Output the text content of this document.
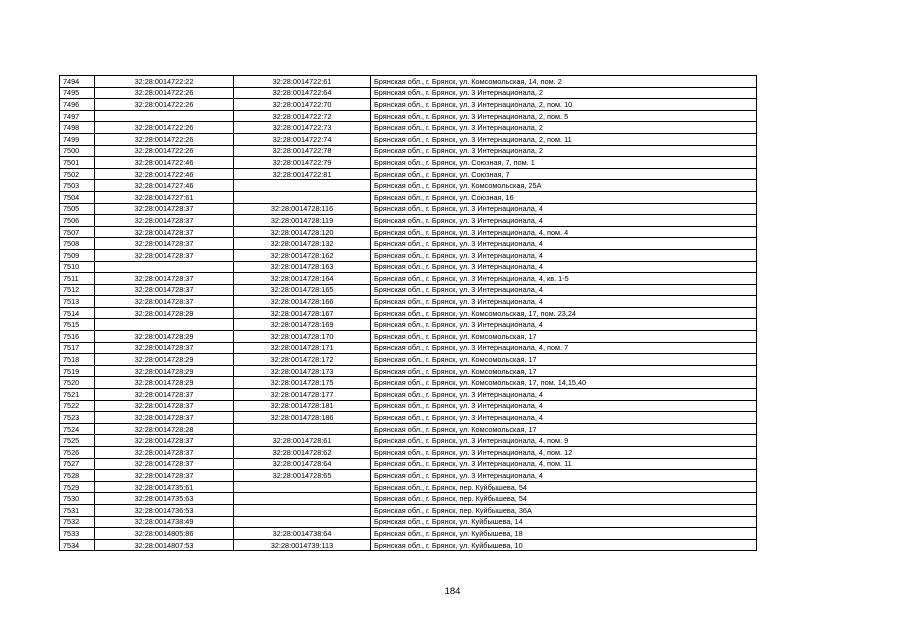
7494	32:28:0014722:22	32:28:0014722:61	Брянская обл., г. Брянск, ул. Комсомольская, 14, пом. 2
7495	32:28:0014722:26	32:28:0014722:64	Брянская обл., г. Брянск, ул. 3 Интернационала, 2
7496	32:28:0014722:26	32:28:0014722:70	Брянская обл., г. Брянск, ул. 3 Интернационала, 2, пом. 10
7497		32:28:0014722:72	Брянская обл., г. Брянск, ул. 3 Интернационала, 2, пом. 5
7498	32:28:0014722:26	32:28:0014722:73	Брянская обл., г. Брянск, ул. 3 Интернационала, 2
7499	32:28:0014722:26	32:28:0014722:74	Брянская обл., г. Брянск, ул. 3 Интернационала, 2, пом. 11
7500	32:28:0014722:26	32:28:0014722:78	Брянская обл., г. Брянск, ул. 3 Интернационала, 2
7501	32:28:0014722:46	32:28:0014722:79	Брянская обл., г. Брянск, ул. Союзная, 7, пом. 1
7502	32:28:0014722:46	32:28:0014722:81	Брянская обл., г. Брянск, ул. Союзная, 7
7503	32:28:0014727:46		Брянская обл., г. Брянск, ул. Комсомольская, 25А
7504	32:28:0014727:61		Брянская обл., г. Брянск, ул. Союзная, 16
7505	32:28:0014728:37	32:28:0014728:116	Брянская обл., г. Брянск, ул. 3 Интернационала, 4
7506	32:28:0014728:37	32:28:0014728:119	Брянская обл., г. Брянск, ул. 3 Интернационала, 4
7507	32:28:0014728:37	32:28:0014728:120	Брянская обл., г. Брянск, ул. 3 Интернационала, 4, пом. 4
7508	32:28:0014728:37	32:28:0014728:132	Брянская обл., г. Брянск, ул. 3 Интернационала, 4
7509	32:28:0014728:37	32:28:0014728:162	Брянская обл., г. Брянск, ул. 3 Интернационала, 4
7510		32:28:0014728:163	Брянская обл., г. Брянск, ул. 3 Интернационала, 4
7511	32:28:0014728:37	32:28:0014728:164	Брянская обл., г. Брянск, ул. 3 Интернационала, 4, кв. 1-5
7512	32:28:0014728:37	32:28:0014728:165	Брянская обл., г. Брянск, ул. 3 Интернационала, 4
7513	32:28:0014728:37	32:28:0014728:166	Брянская обл., г. Брянск, ул. 3 Интернационала, 4
7514	32:28:0014728:29	32:28:0014728:167	Брянская обл., г. Брянск, ул. Комсомольская, 17, пом. 23,24
7515		32:28:0014728:169	Брянская обл., г. Брянск, ул. 3 Интернационала, 4
7516	32:28:0014728:29	32:28:0014728:170	Брянская обл., г. Брянск, ул. Комсомольская, 17
7517	32:28:0014728:37	32:28:0014728:171	Брянская обл., г. Брянск, ул. 3 Интернационала, 4, пом. 7
7518	32:28:0014728:29	32:28:0014728:172	Брянская обл., г. Брянск, ул. Комсомольская, 17
7519	32:28:0014728:29	32:28:0014728:173	Брянская обл., г. Брянск, ул. Комсомольская, 17
7520	32:28:0014728:29	32:28:0014728:175	Брянская обл., г. Брянск, ул. Комсомольская, 17, пом. 14,15,40
7521	32:28:0014728:37	32:28:0014728:177	Брянская обл., г. Брянск, ул. 3 Интернационала, 4
7522	32:28:0014728:37	32:28:0014728:181	Брянская обл., г. Брянск, ул. 3 Интернационала, 4
7523	32:28:0014728:37	32:28:0014728:186	Брянская обл., г. Брянск, ул. 3 Интернационала, 4
7524	32:28:0014728:28		Брянская обл., г. Брянск, ул. Комсомольская, 17
7525	32:28:0014728:37	32:28:0014728:61	Брянская обл., г. Брянск, ул. 3 Интернационала, 4, пом. 9
7526	32:28:0014728:37	32:28:0014728:62	Брянская обл., г. Брянск, ул. 3 Интернационала, 4, пом. 12
7527	32:28:0014728:37	32:28:0014728:64	Брянская обл., г. Брянск, ул. 3 Интернационала, 4, пом. 11
7528	32:28:0014728:37	32:28:0014728:65	Брянская обл., г. Брянск, ул. 3 Интернационала, 4
7529	32:28:0014735:61		Брянская обл., г. Брянск, пер. Куйбышева, 54
7530	32:28:0014735:63		Брянская обл., г. Брянск, пер. Куйбышева, 54
7531	32:28:0014736:53		Брянская обл., г. Брянск, пер. Куйбышева, 36А
7532	32:28:0014738:49		Брянская обл., г. Брянск, ул. Куйбышева, 14
7533	32:28:0014805:86	32:28:0014738:64	Брянская обл., г. Брянск, ул. Куйбышева, 18
7534	32:28:0014807:53	32:28:0014739:113	Брянская обл., г. Брянск, ул. Куйбышева, 10
184
